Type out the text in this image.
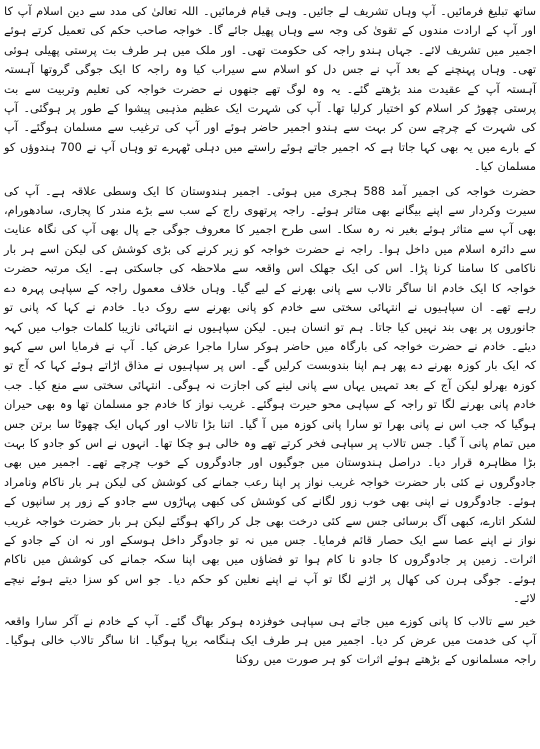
ساتھ تبلیغ فرمائیں۔ آپ وہاں تشریف لے جائیں۔ وہی قیام فرمائیں۔ اللہ تعالیٰ کی مدد سے دین اسلام آپ کا اور آپ کے ارادت مندوں کے تقویٰ کی وجہ سے وہاں پھیل جائے گا۔ خواجہ صاحب حکم کی تعمیل کرتے ہوئے اجمیر میں تشریف لائے۔ جہاں ہندو راجہ کی حکومت تھی۔ اور ملک میں ہر طرف بت پرستی پھیلی ہوئی تھی۔ وہاں پہنچنے کے بعد آپ نے جس دل کو اسلام سے سیراب کیا وہ راجہ کا ایک جوگی گروتھا آہستہ آہستہ آپ کے عقیدت مند بڑھتے گئے۔ یہ وہ لوگ تھے جنھوں نے حضرت خواجہ کی تعلیم وتربیت سے بت پرستی چھوڑ کر اسلام کو اختیار کرلیا تھا۔ آپ کی شہرت ایک عظیم مذہبی پیشوا کے طور پر ہوگئی۔ آپ کی شہرت کے چرچے سن کر بہت سے ہندو اجمیر حاضر ہوئے اور آپ کی ترغیب سے مسلمان ہوگئے۔ آپ کے بارے میں یہ بھی کہا جاتا ہے کہ اجمیر جاتے ہوئے راستے میں دہلی ٹھہرے تو وہاں آپ نے 700 ہندوؤں کو مسلمان کیا۔

حضرت خواجہ کی اجمیر آمد 588 ہجری میں ہوئی۔ اجمیر ہندوستان کا ایک وسطی علاقہ ہے۔ آپ کی سیرت وکردار سے اپنے بیگانے بھی متاثر ہوئے۔ راجہ پرتھوی راج کے سب سے بڑے مندر کا پجاری، سادھورام، بھی آپ سے متاثر ہوئے بغیر نہ رہ سکا۔ اسی طرح اجمیر کا معروف جوگی جے پال بھی آپ کی نگاہ عنایت سے دائرہ اسلام میں داخل ہوا۔ راجہ نے حضرت خواجہ کو زیر کرنے کی بڑی کوشش کی لیکن اسے ہر بار ناکامی کا سامنا کرنا پڑا۔ اس کی ایک جھلک اس واقعہ سے ملاحظہ کی جاسکتی ہے۔ ایک مرتبہ حضرت خواجہ کا ایک خادم انا ساگر تالاب سے پانی بھرنے کے لیے گیا۔ وہاں خلاف معمول راجہ کے سپاہی پہرہ دے رہے تھے۔ ان سپاہیوں نے انتہائی سختی سے خادم کو پانی بھرنے سے روک دیا۔ خادم نے کہا کہ پانی تو جانوروں پر بھی بند نہیں کیا جاتا۔ ہم تو انسان ہیں۔ لیکن سپاہیوں نے انتہائی نازیبا کلمات جواب میں کہہ دیئے۔ خادم نے حضرت خواجہ کی بارگاہ میں حاضر ہوکر سارا ماجرا عرض کیا۔ آپ نے فرمایا اس سے کہو کہ ایک بار کوزہ بھرنے دے پھر ہم اپنا بندوبست کرلیں گے۔ اس پر سپاہیوں نے مذاق اڑاتے ہوئے کہا کہ آج تو کوزہ بھرلو لیکن آج کے بعد تمہیں یہاں سے پانی لینے کی اجازت نہ ہوگی۔ انتہائی سختی سے منع کیا۔ جب خادم پانی بھرنے لگا تو راجہ کے سپاہی محو حیرت ہوگئے۔ غریب نواز کا خادم جو مسلمان تھا وہ بھی حیران ہوگیا کہ جب اس نے پانی بھرا تو سارا پانی کوزہ میں آ گیا۔ اتنا بڑا تالاب اور کہاں ایک چھوٹا سا برتن جس میں تمام پانی آ گیا۔ جس تالاب پر سپاہی فخر کرتے تھے وہ خالی ہو چکا تھا۔ انہوں نے اس کو جادو کا بہت بڑا مظاہرہ قرار دیا۔ دراصل ہندوستان میں جوگیوں اور جادوگروں کے خوب چرچے تھے۔ اجمیر میں بھی جادوگروں نے کئی بار حضرت خواجہ غریب نواز پر اپنا رعب جمانے کی کوشش کی لیکن ہر بار ناکام ونامراد ہوئے۔ جادوگروں نے اپنی بھی خوب زور لگانے کی کوشش کی کبھی پہاڑوں سے جادو کے زور پر سانپوں کے لشکر اتارے، کبھی آگ برسائی جس سے کئی درخت بھی جل کر راکھ ہوگئے لیکن ہر بار حضرت خواجہ غریب نواز نے اپنے عصا سے ایک حصار قائم فرمایا۔ جس میں نہ تو جادوگر داخل ہوسکے اور نہ ان کے جادو کے اثرات۔ زمین پر جادوگروں کا جادو نا کام ہوا تو فضاؤں میں بھی اپنا سکہ جمانے کی کوشش میں ناکام ہوئے۔ جوگی ہرن کی کھال پر اڑنے لگا تو آپ نے اپنے نعلین کو حکم دیا۔ جو اس کو سزا دیتے ہوئے نیچے لائے۔

خیر سے تالاب کا پانی کوزے میں جاتے ہی سپاہی خوفزدہ ہوکر بھاگ گئے۔ آپ کے خادم نے آکر سارا واقعہ آپ کی خدمت میں عرض کر دیا۔ اجمیر میں ہر طرف ایک ہنگامہ برپا ہوگیا۔ انا ساگر تالاب خالی ہوگیا۔ راجہ مسلمانوں کے بڑھتے ہوئے اثرات کو ہر صورت میں روکنا
